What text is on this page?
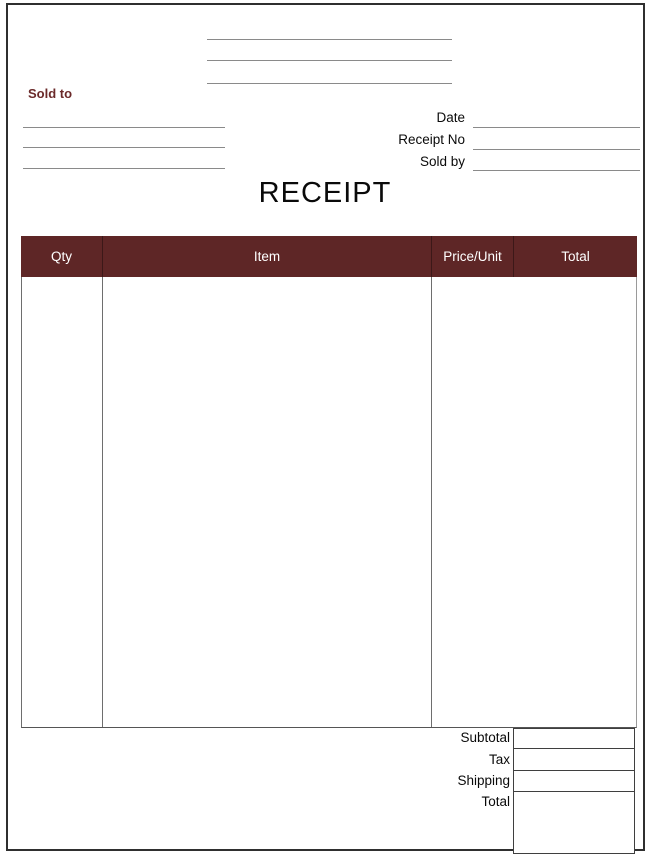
Sold to
Date
Receipt No
Sold by
RECEIPT
Qty	Item	Price/Unit	Total
Subtotal
Tax
Shipping
Total
